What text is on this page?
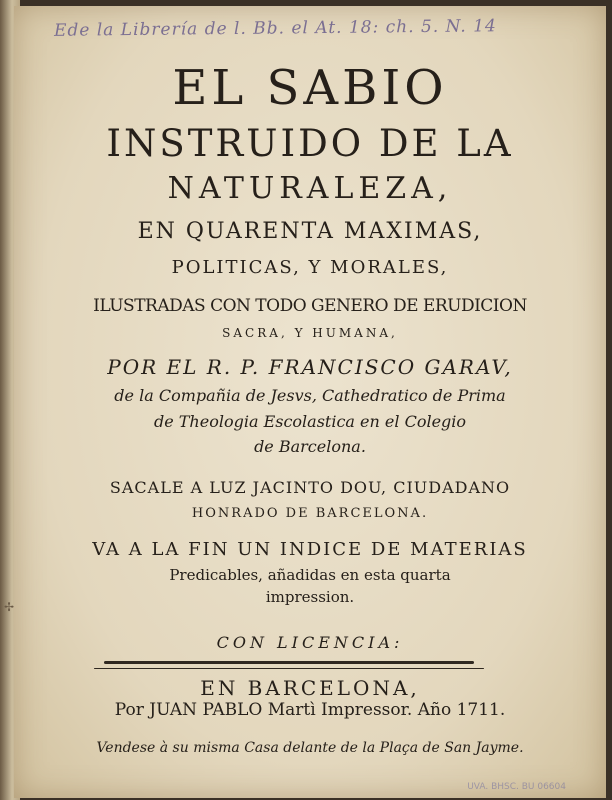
✢
Ede la Librería de l. Bb. el At. 18: ch. 5. N. 14
EL SABIO
INSTRUIDO DE LA
NATURALEZA,
EN QUARENTA MAXIMAS,
POLITICAS, Y MORALES,
ILUSTRADAS CON TODO GENERO DE ERUDICION
SACRA, Y HUMANA,
POR EL R. P. FRANCISCO GARAV,
de la Compañia de Jesvs, Cathedratico de Prima
de Theologia Escolastica en el Colegio
de Barcelona.
SACALE A LUZ JACINTO DOU, CIUDADANO
HONRADO DE BARCELONA.
VA A LA FIN UN INDICE DE MATERIAS
Predicables, añadidas en esta quarta
impression.
CON LICENCIA:
EN BARCELONA,
Por JUAN PABLO Martì Impressor. Año 1711.
Vendese à su misma Casa delante de la Plaça de San Jayme.
UVA. BHSC. BU 06604
